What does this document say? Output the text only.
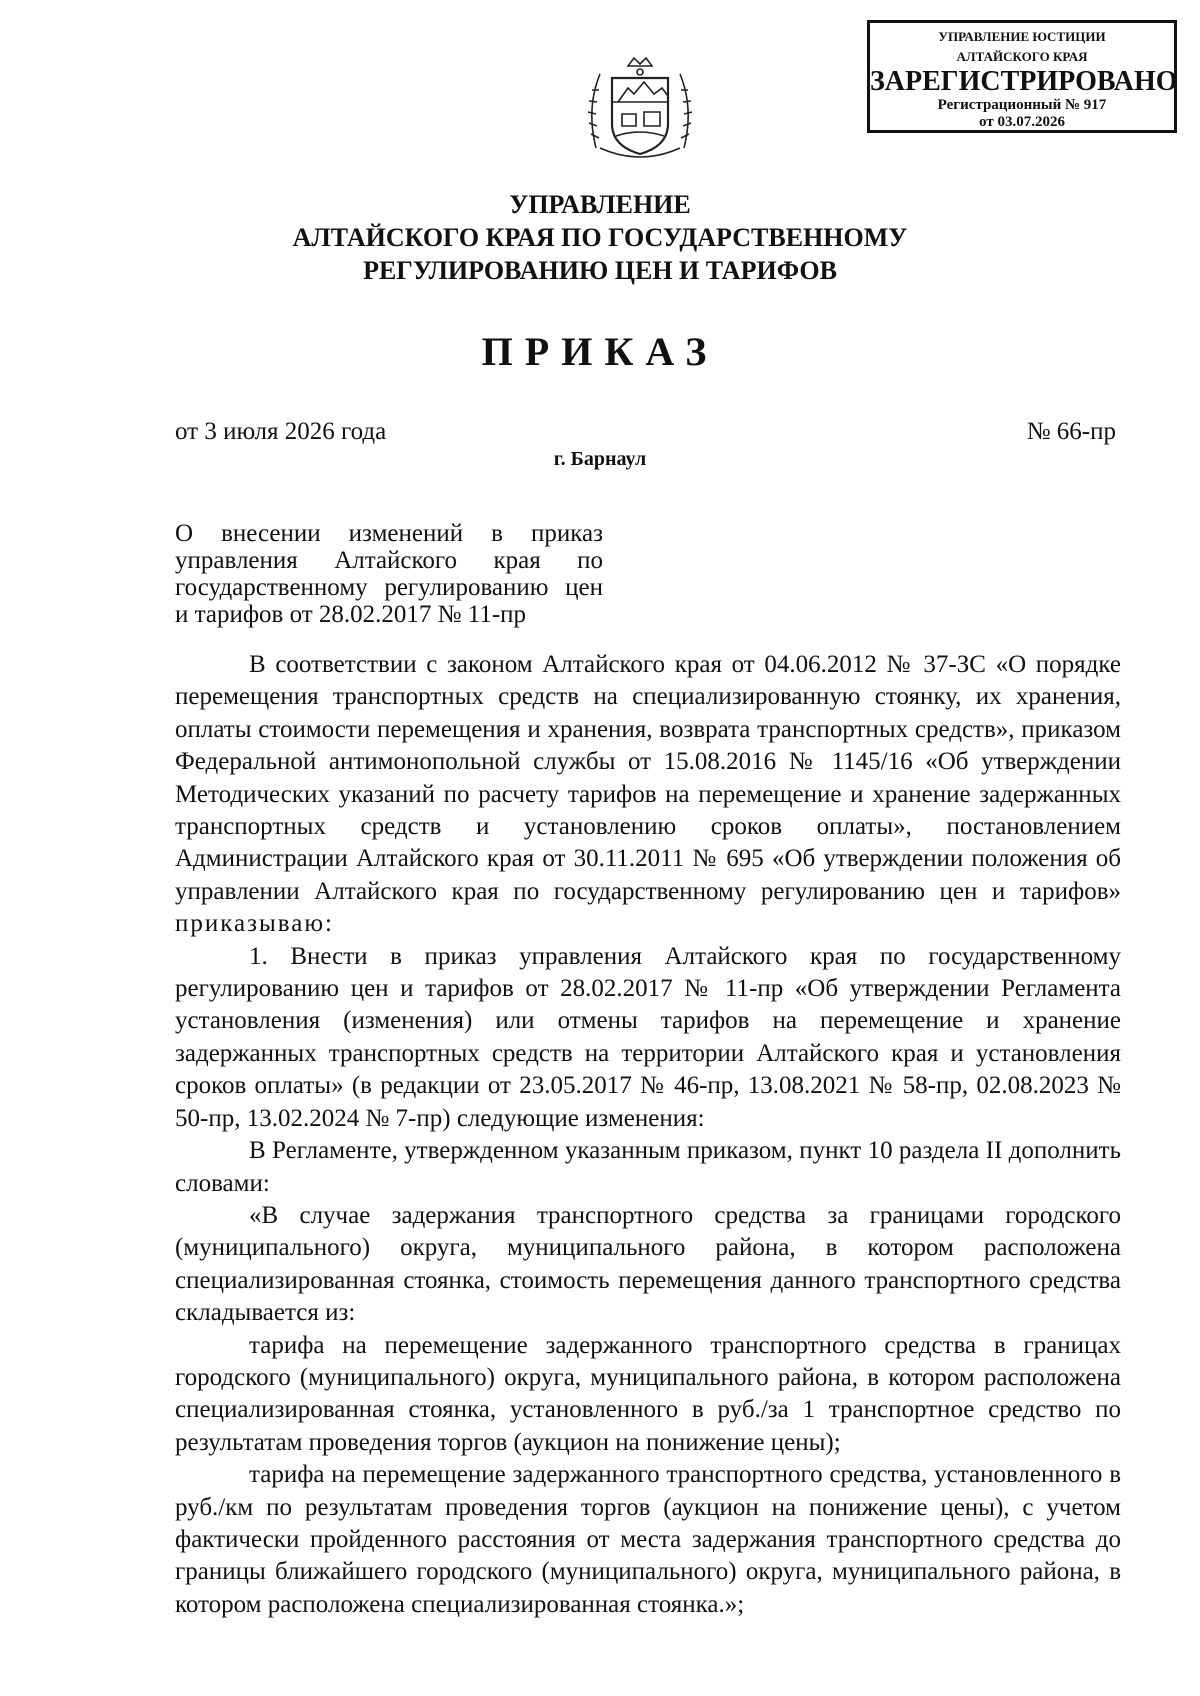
УПРАВЛЕНИЕ ЮСТИЦИИ
АЛТАЙСКОГО КРАЯ
ЗАРЕГИСТРИРОВАНО
Регистрационный № 917
от 03.07.2026
УПРАВЛЕНИЕ
АЛТАЙСКОГО КРАЯ ПО ГОСУДАРСТВЕННОМУ
РЕГУЛИРОВАНИЮ ЦЕН И ТАРИФОВ
ПРИКАЗ
от 3 июля 2026 года	№ 66-пр
г. Барнаул
О внесении изменений в приказ
управления Алтайского края по
государственному регулированию цен
и тарифов от 28.02.2017 № 11-пр

В соответствии с законом Алтайского края от 04.06.2012 № 37-ЗС «О порядке перемещения транспортных средств на специализированную стоянку, их хранения, оплаты стоимости перемещения и хранения, возврата транспортных средств», приказом Федеральной антимонопольной службы от 15.08.2016 № 1145/16 «Об утверждении Методических указаний по расчету тарифов на перемещение и хранение задержанных транспортных средств и установлению сроков оплаты», постановлением Администрации Алтайского края от 30.11.2011 № 695 «Об утверждении положения об управлении Алтайского края по государственному регулированию цен и тарифов» приказываю:

1. Внести в приказ управления Алтайского края по государственному регулированию цен и тарифов от 28.02.2017 № 11-пр «Об утверждении Регламента установления (изменения) или отмены тарифов на перемещение и хранение задержанных транспортных средств на территории Алтайского края и установления сроков оплаты» (в редакции от 23.05.2017 № 46-пр, 13.08.2021 № 58-пр, 02.08.2023 № 50-пр, 13.02.2024 № 7-пр) следующие изменения:

В Регламенте, утвержденном указанным приказом, пункт 10 раздела II дополнить словами:

«В случае задержания транспортного средства за границами городского (муниципального) округа, муниципального района, в котором расположена специализированная стоянка, стоимость перемещения данного транспортного средства складывается из:

тарифа на перемещение задержанного транспортного средства в границах городского (муниципального) округа, муниципального района, в котором расположена специализированная стоянка, установленного в руб./за 1 транспортное средство по результатам проведения торгов (аукцион на понижение цены);

тарифа на перемещение задержанного транспортного средства, установленного в руб./км по результатам проведения торгов (аукцион на понижение цены), с учетом фактически пройденного расстояния от места задержания транспортного средства до границы ближайшего городского (муниципального) округа, муниципального района, в котором расположена специализированная стоянка.»;
